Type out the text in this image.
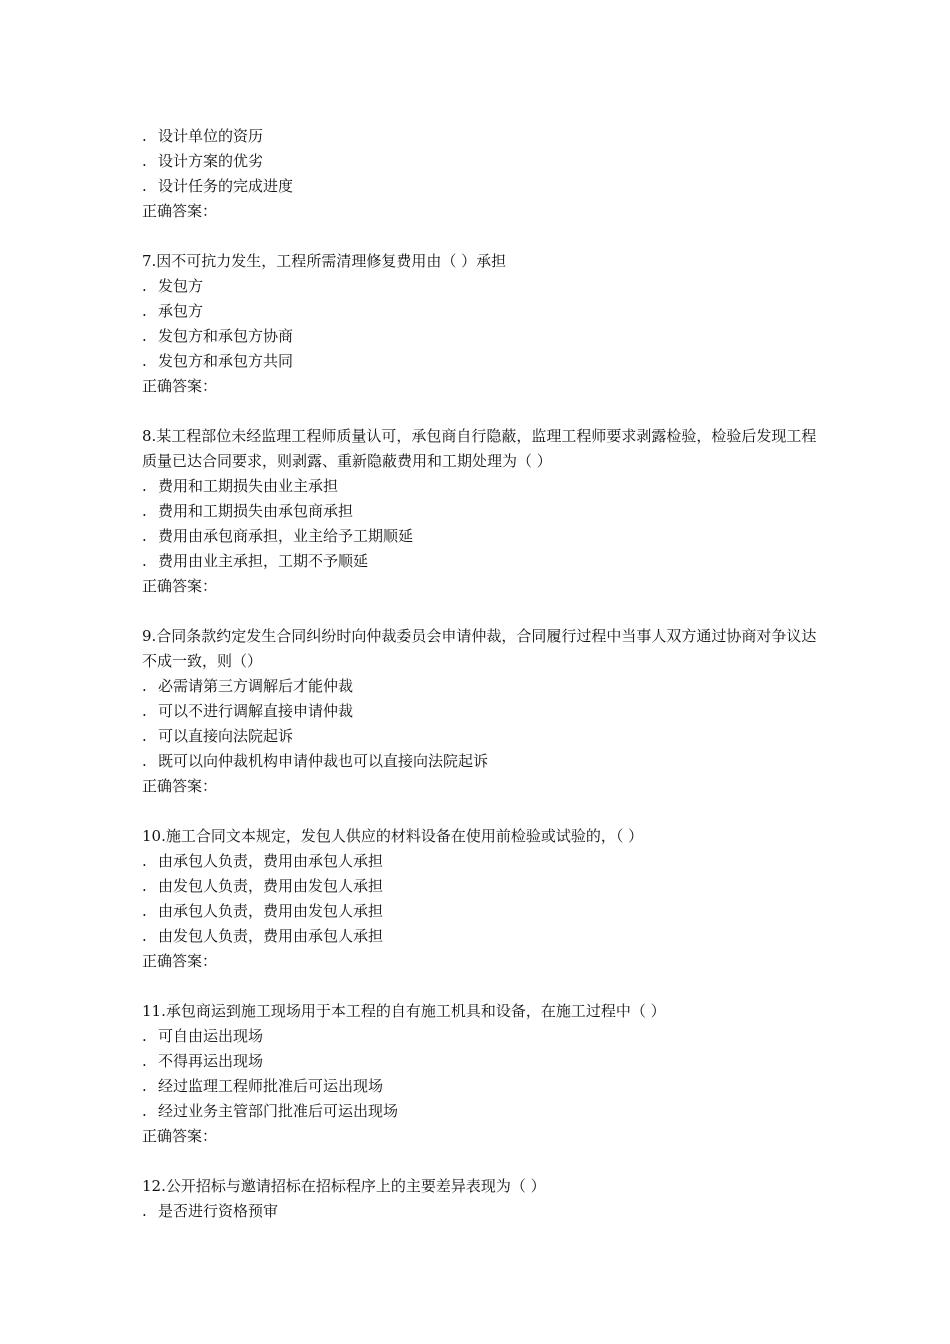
. 设计单位的资历
. 设计方案的优劣
. 设计任务的完成进度
正确答案：
7.因不可抗力发生，工程所需清理修复费用由（ ）承担
. 发包方
. 承包方
. 发包方和承包方协商
. 发包方和承包方共同
正确答案：
8.某工程部位未经监理工程师质量认可，承包商自行隐蔽，监理工程师要求剥露检验，检验后发现工程质量已达合同要求，则剥露、重新隐蔽费用和工期处理为（ ）
. 费用和工期损失由业主承担
. 费用和工期损失由承包商承担
. 费用由承包商承担，业主给予工期顺延
. 费用由业主承担，工期不予顺延
正确答案：
9.合同条款约定发生合同纠纷时向仲裁委员会申请仲裁，合同履行过程中当事人双方通过协商对争议达不成一致，则（）
. 必需请第三方调解后才能仲裁
. 可以不进行调解直接申请仲裁
. 可以直接向法院起诉
. 既可以向仲裁机构申请仲裁也可以直接向法院起诉
正确答案：
10.施工合同文本规定，发包人供应的材料设备在使用前检验或试验的，（ ）
. 由承包人负责，费用由承包人承担
. 由发包人负责，费用由发包人承担
. 由承包人负责，费用由发包人承担
. 由发包人负责，费用由承包人承担
正确答案：
11.承包商运到施工现场用于本工程的自有施工机具和设备，在施工过程中（ ）
. 可自由运出现场
. 不得再运出现场
. 经过监理工程师批准后可运出现场
. 经过业务主管部门批准后可运出现场
正确答案：
12.公开招标与邀请招标在招标程序上的主要差异表现为（ ）
. 是否进行资格预审
